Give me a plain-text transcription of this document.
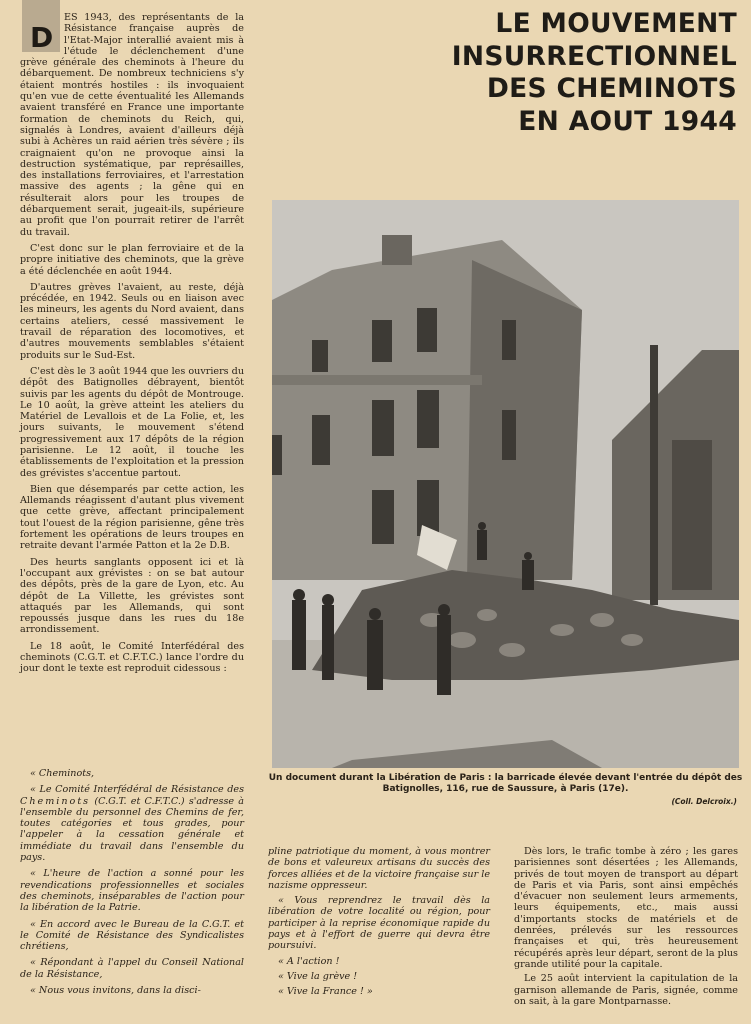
LE MOUVEMENT
INSURRECTIONNEL
DES CHEMINOTS
EN AOUT 1944

D
ES 1943, des représentants de la Résistance française auprès de l'Etat-Major interallié avaient mis à l'étude le déclenchement d'une grève générale des cheminots à l'heure du débarquement. De nombreux techniciens s'y étaient montrés hostiles : ils invoquaient qu'en vue de cette éventualité les Allemands avaient transféré en France une importante formation de cheminots du Reich, qui, signalés à Londres, avaient d'ailleurs déjà subi à Achères un raid aérien très sévère ; ils craignaient qu'on ne provoque ainsi la destruction systématique, par représailles, des installations ferroviaires, et l'arrestation massive des agents ; la gêne qui en résulterait alors pour les troupes de débarquement serait, jugeait-ils, supérieure au profit que l'on pourrait retirer de l'arrêt du travail.

C'est donc sur le plan ferroviaire et de la propre initiative des cheminots, que la grève a été déclenchée en août 1944.

D'autres grèves l'avaient, au reste, déjà précédée, en 1942. Seuls ou en liaison avec les mineurs, les agents du Nord avaient, dans certains ateliers, cessé massivement le travail de réparation des locomotives, et d'autres mouvements semblables s'étaient produits sur le Sud-Est.

C'est dès le 3 août 1944 que les ouvriers du dépôt des Batignolles débrayent, bientôt suivis par les agents du dépôt de Montrouge. Le 10 août, la grève atteint les ateliers du Matériel de Levallois et de La Folie, et, les jours suivants, le mouvement s'étend progressivement aux 17 dépôts de la région parisienne. Le 12 août, il touche les établissements de l'exploitation et la pression des grévistes s'accentue partout.

Bien que désemparés par cette action, les Allemands réagissent d'autant plus vivement que cette grève, affectant principalement tout l'ouest de la région parisienne, gêne très fortement les opérations de leurs troupes en retraite devant l'armée Patton et la 2e D.B.

Des heurts sanglants opposent ici et là l'occupant aux grévistes : on se bat autour des dépôts, près de la gare de Lyon, etc. Au dépôt de La Villette, les grévistes sont attaqués par les Allemands, qui sont repoussés jusque dans les rues du 18e arrondissement.

Le 18 août, le Comité Interfédéral des cheminots (C.G.T. et C.F.T.C.) lance l'ordre du jour dont le texte est reproduit cidessous :

Un document durant la Libération de Paris : la barricade élevée devant l'entrée du dépôt des Batignolles, 116, rue de Saussure, à Paris (17e).
(Coll. Delcroix.)

« Cheminots,

« Le Comité Interfédéral de Résistance des Cheminots (C.G.T. et C.F.T.C.) s'adresse à l'ensemble du personnel des Chemins de fer, toutes catégories et tous grades, pour l'appeler à la cessation générale et immédiate du travail dans l'ensemble du pays.

« L'heure de l'action a sonné pour les revendications professionnelles et sociales des cheminots, inséparables de l'action pour la libération de la Patrie.

« En accord avec le Bureau de la C.G.T. et le Comité de Résistance des Syndicalistes chrétiens,

« Répondant à l'appel du Conseil National de la Résistance,

« Nous vous invitons, dans la disci-

pline patriotique du moment, à vous montrer de bons et valeureux artisans du succès des forces alliées et de la victoire française sur le nazisme oppresseur.

« Vous reprendrez le travail dès la libération de votre localité ou région, pour participer à la reprise économique rapide du pays et à l'effort de guerre qui devra être poursuivi.

« A l'action !

« Vive la grève !

« Vive la France ! »

Dès lors, le trafic tombe à zéro ; les gares parisiennes sont désertées ; les Allemands, privés de tout moyen de transport au départ de Paris et via Paris, sont ainsi empêchés d'évacuer non seulement leurs armements, leurs équipements, etc., mais aussi d'importants stocks de matériels et de denrées, prélevés sur les ressources françaises et qui, très heureusement récupérés après leur départ, seront de la plus grande utilité pour la capitale.

Le 25 août intervient la capitulation de la garnison allemande de Paris, signée, comme on sait, à la gare Montparnasse.
